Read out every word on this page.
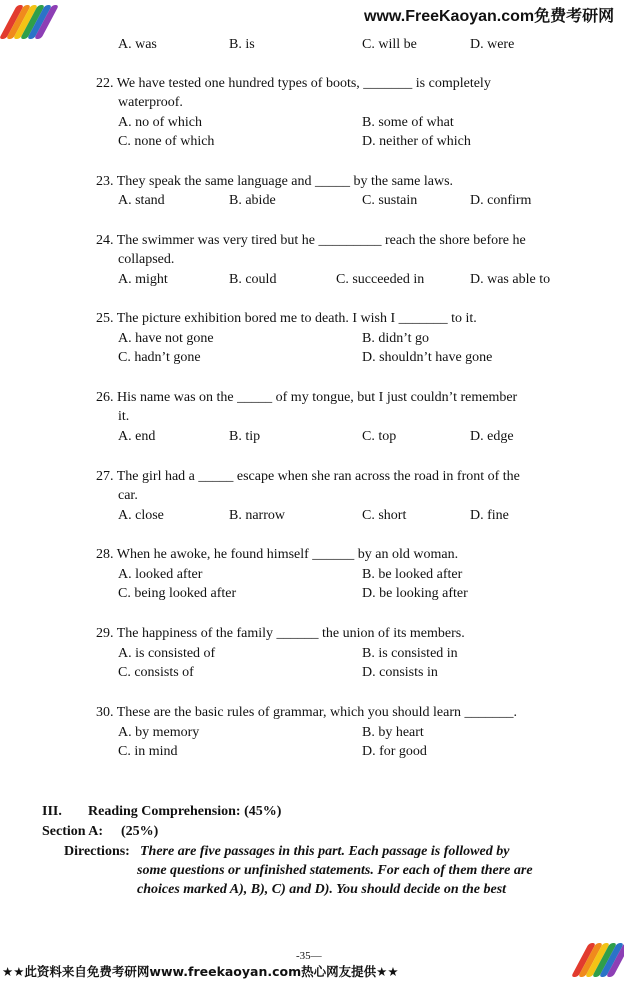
www.FreeKaoyan.com免费考研网
A. was	B. is	C. will be	D. were
22. We have tested one hundred types of boots, _______ is completely
waterproof.
A. no of which	B. some of what
C. none of which	D. neither of which
23. They speak the same language and _____ by the same laws.
A. stand	B. abide	C. sustain	D. confirm
24. The swimmer was very tired but he _________ reach the shore before he
collapsed.
A. might	B. could	C. succeeded in	D. was able to
25. The picture exhibition bored me to death. I wish I _______ to it.
A. have not gone	B. didn’t go
C. hadn’t gone	D. shouldn’t have gone
26. His name was on the _____ of my tongue, but I just couldn’t remember
it.
A. end	B. tip	C. top	D. edge
27. The girl had a _____ escape when she ran across the road in front of the
car.
A. close	B. narrow	C. short	D. fine
28. When he awoke, he found himself ______ by an old woman.
A. looked after	B. be looked after
C. being looked after	D. be looking after
29. The happiness of the family ______ the union of its members.
A. is consisted of	B. is consisted in
C. consists of	D. consists in
30. These are the basic rules of grammar, which you should learn _______.
A. by memory	B. by heart
C. in mind	D. for good
III. Reading Comprehension: (45%)
Section A: (25%)
Directions: There are five passages in this part. Each passage is followed by
some questions or unfinished statements. For each of them there are
choices marked A), B), C) and D). You should decide on the best
-35—
★★此资料来自免费考研网www.freekaoyan.com热心网友提供★★
